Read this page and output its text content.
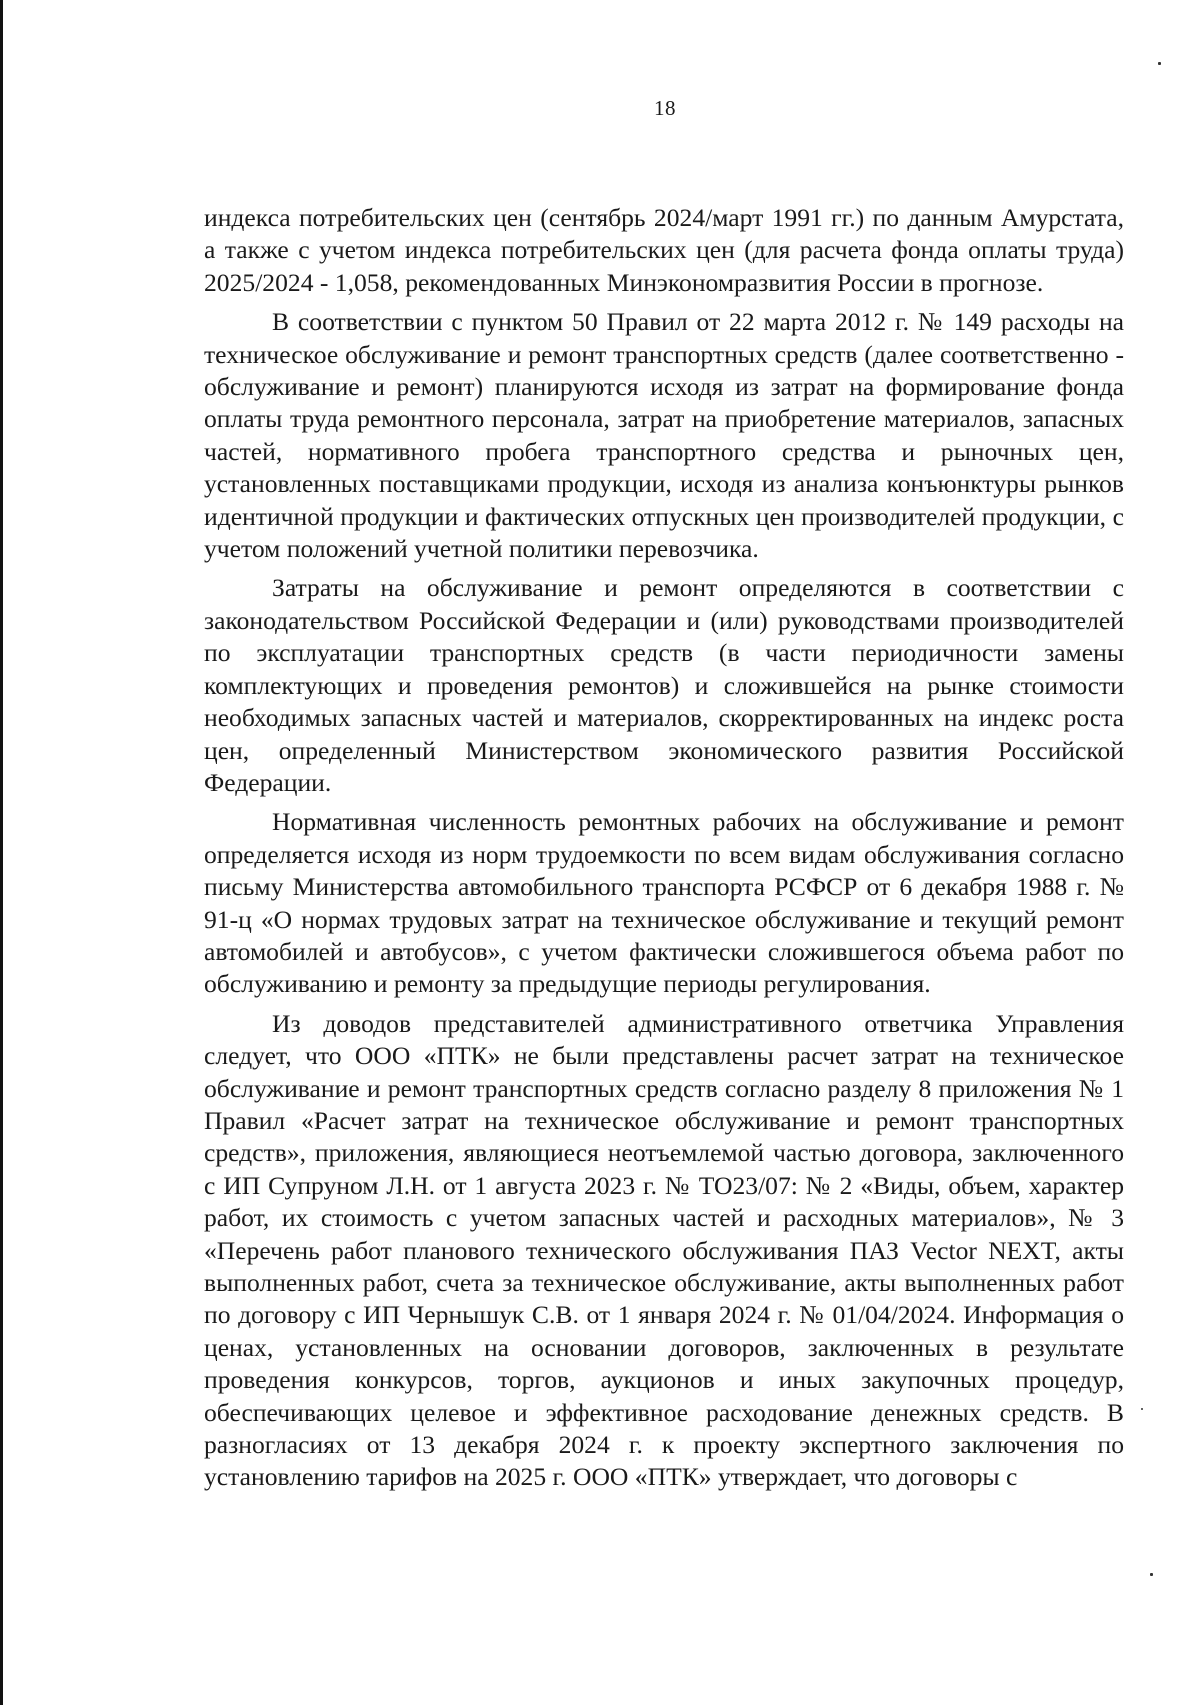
18

индекса потребительских цен (сентябрь 2024/март 1991 гг.) по данным Амурстата, а также с учетом индекса потребительских цен (для расчета фонда оплаты труда) 2025/2024 - 1,058, рекомендованных Минэкономразвития России в прогнозе.

В соответствии с пунктом 50 Правил от 22 марта 2012 г. № 149 расходы на техническое обслуживание и ремонт транспортных средств (далее соответственно - обслуживание и ремонт) планируются исходя из затрат на формирование фонда оплаты труда ремонтного персонала, затрат на приобретение материалов, запасных частей, нормативного пробега транспортного средства и рыночных цен, установленных поставщиками продукции, исходя из анализа конъюнктуры рынков идентичной продукции и фактических отпускных цен производителей продукции, с учетом положений учетной политики перевозчика.

Затраты на обслуживание и ремонт определяются в соответствии с законодательством Российской Федерации и (или) руководствами производителей по эксплуатации транспортных средств (в части периодичности замены комплектующих и проведения ремонтов) и сложившейся на рынке стоимости необходимых запасных частей и материалов, скорректированных на индекс роста цен, определенный Министерством экономического развития Российской Федерации.

Нормативная численность ремонтных рабочих на обслуживание и ремонт определяется исходя из норм трудоемкости по всем видам обслуживания согласно письму Министерства автомобильного транспорта РСФСР от 6 декабря 1988 г. № 91-ц «О нормах трудовых затрат на техническое обслуживание и текущий ремонт автомобилей и автобусов», с учетом фактически сложившегося объема работ по обслуживанию и ремонту за предыдущие периоды регулирования.

Из доводов представителей административного ответчика Управления следует, что ООО «ПТК» не были представлены расчет затрат на техническое обслуживание и ремонт транспортных средств согласно разделу 8 приложения № 1 Правил «Расчет затрат на техническое обслуживание и ремонт транспортных средств», приложения, являющиеся неотъемлемой частью договора, заключенного с ИП Супруном Л.Н. от 1 августа 2023 г. № ТО23/07: № 2 «Виды, объем, характер работ, их стоимость с учетом запасных частей и расходных материалов», № 3 «Перечень работ планового технического обслуживания ПАЗ Vector NEXT, акты выполненных работ, счета за техническое обслуживание, акты выполненных работ по договору с ИП Чернышук С.В. от 1 января 2024 г. № 01/04/2024. Информация о ценах, установленных на основании договоров, заключенных в результате проведения конкурсов, торгов, аукционов и иных закупочных процедур, обеспечивающих целевое и эффективное расходование денежных средств. В разногласиях от 13 декабря 2024 г. к проекту экспертного заключения по установлению тарифов на 2025 г. ООО «ПТК» утверждает, что договоры с
